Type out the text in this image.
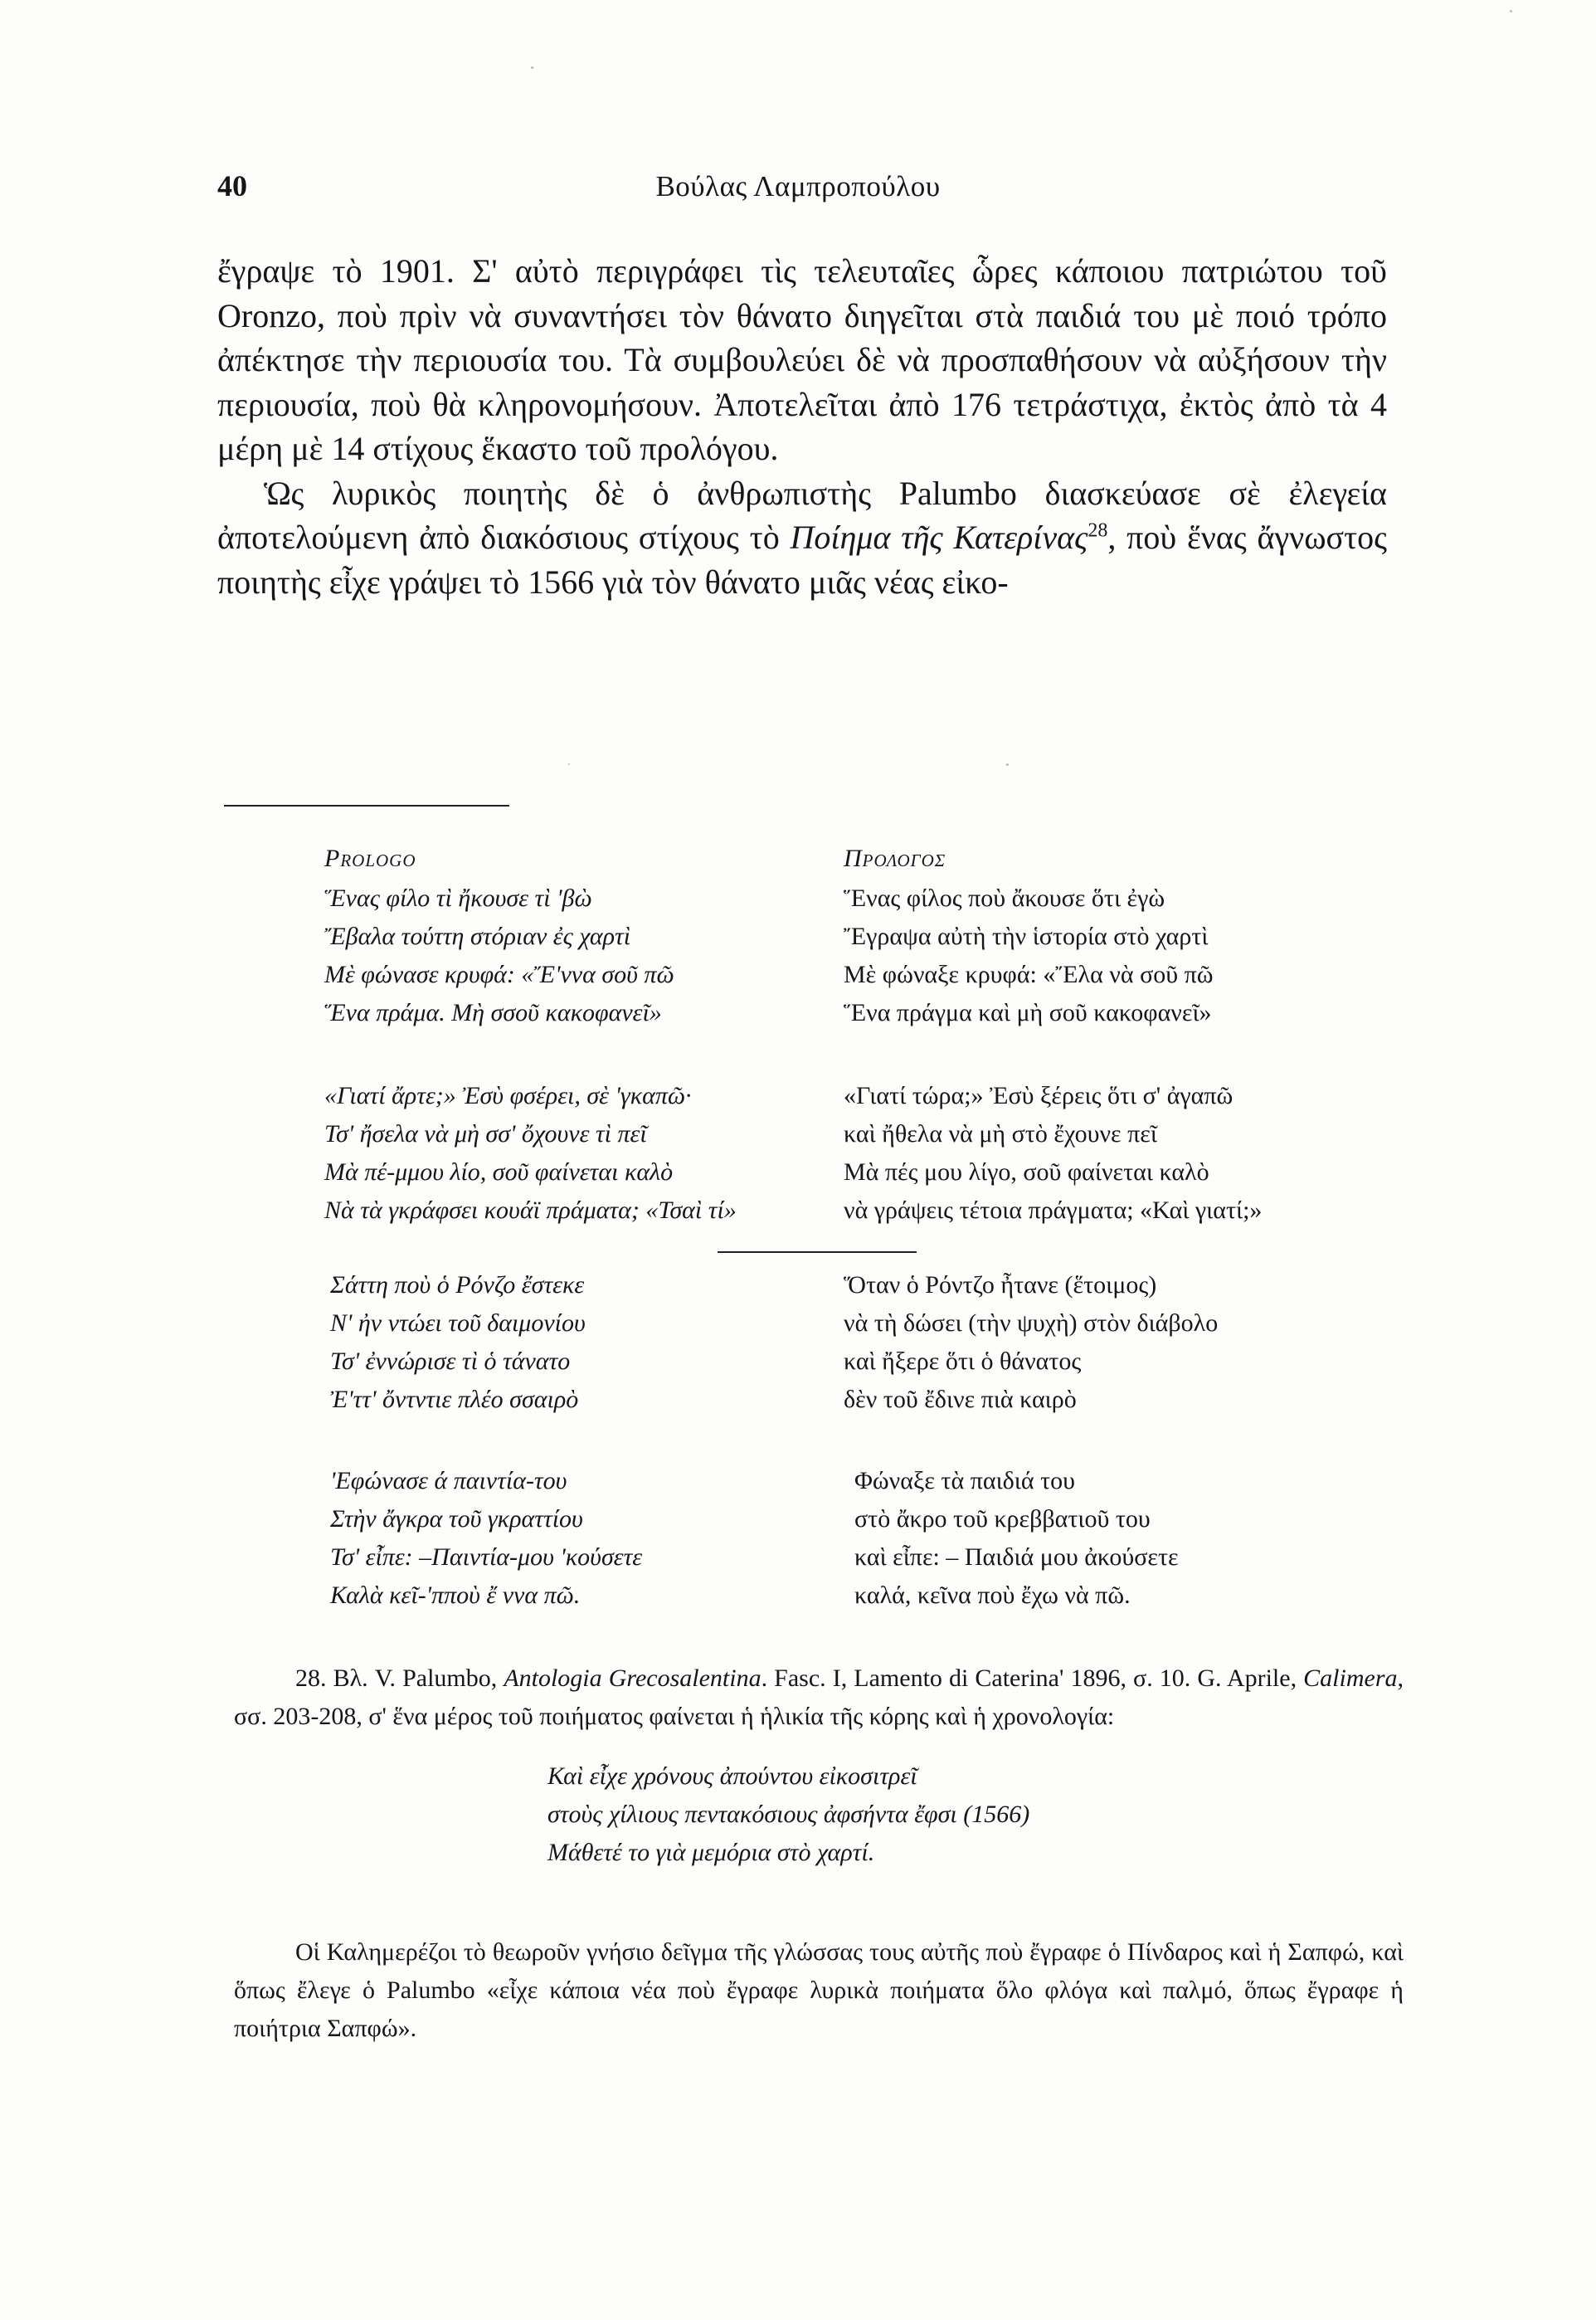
40	Βούλας Λαμπροπούλου

ἔγραψε τὸ 1901. Σ' αὐτὸ περιγράφει τὶς τελευταῖες ὧρες κάποιου πατριώτου τοῦ Oronzo, ποὺ πρὶν νὰ συναντήσει τὸν θάνατο διηγεῖται στὰ παιδιά του μὲ ποιό τρόπο ἀπέκτησε τὴν περιουσία του. Τὰ συμβουλεύει δὲ νὰ προσπαθήσουν νὰ αὐξήσουν τὴν περιουσία, ποὺ θὰ κληρονομήσουν. Ἀποτελεῖται ἀπὸ 176 τετράστιχα, ἐκτὸς ἀπὸ τὰ 4 μέρη μὲ 14 στίχους ἕκαστο τοῦ προλόγου.

Ὡς λυρικὸς ποιητὴς δὲ ὁ ἀνθρωπιστὴς Palumbo διασκεύασε σὲ ἐλεγεία ἀποτελούμενη ἀπὸ διακόσιους στίχους τὸ Ποίημα τῆς Κατερίνας$^{28}$, ποὺ ἕνας ἄγνωστος ποιητὴς εἶχε γράψει τὸ 1566 γιὰ τὸν θάνατο μιᾶς νέας εἰκο-

Prologo
Ἕνας φίλο τὶ ἤκουσε τὶ 'βὼ
Ἔβαλα τούττη στόριαν ἐς χαρτὶ
Μὲ φώνασε κρυφά: «Ἔ'ννα σοῦ πῶ
Ἕνα πράμα. Μὴ σσοῦ κακοφανεῖ»
Προλογος
Ἕνας φίλος ποὺ ἄκουσε ὅτι ἐγὼ
Ἔγραψα αὐτὴ τὴν ἱστορία στὸ χαρτὶ
Μὲ φώναξε κρυφά: «Ἔλα νὰ σοῦ πῶ
Ἕνα πράγμα καὶ μὴ σοῦ κακοφανεῖ»
«Γιατί ἄρτε;» Ἐσὺ φσέρει, σὲ 'γκαπῶ·
Τσ' ἤσελα νὰ μὴ σσ' ὄχουνε τὶ πεῖ
Μὰ πέ-μμου λίο, σοῦ φαίνεται καλὸ
Νὰ τὰ γκράφσει κουάϊ πράματα; «Τσαὶ τί»
«Γιατί τώρα;» Ἐσὺ ξέρεις ὅτι σ' ἀγαπῶ
καὶ ἤθελα νὰ μὴ στὸ ἔχουνε πεῖ
Μὰ πές μου λίγο, σοῦ φαίνεται καλὸ
νὰ γράψεις τέτοια πράγματα; «Καὶ γιατί;»
Σάττη ποὺ ὁ Ρόνζο ἔστεκε
Ν' ἠν ντώει τοῦ δαιμονίου
Τσ' ἐννώρισε τὶ ὁ τάνατο
Ἐ'ττ' ὄντντιε πλέο σσαιρὸ
Ὅταν ὁ Ρόντζο ἦτανε (ἕτοιμος)
νὰ τὴ δώσει (τὴν ψυχὴ) στὸν διάβολο
καὶ ἤξερε ὅτι ὁ θάνατος
δὲν τοῦ ἔδινε πιὰ καιρὸ
'Εφώνασε ά παιντία-του
Στὴν ἄγκρα τοῦ γκραττίου
Τσ' εἶπε: –Παιντία-μου 'κούσετε
Καλὰ κεῖ-'πποὺ ἔ ννα πῶ.
Φώναξε τὰ παιδιά του
στὸ ἄκρο τοῦ κρεββατιοῦ του
καὶ εἶπε: – Παιδιά μου ἀκούσετε
καλά, κεῖνα ποὺ ἔχω νὰ πῶ.

28. Βλ. V. Palumbo, Antologia Grecosalentina. Fasc. I, Lamento di Caterina' 1896, σ. 10. G. Aprile, Calimera, σσ. 203-208, σ' ἕνα μέρος τοῦ ποιήματος φαίνεται ἡ ἡλικία τῆς κόρης καὶ ἡ χρονολογία:

Καὶ εἶχε χρόνους ἀπούντου εἰκοσιτρεῖ
στοὺς χίλιους πεντακόσιους ἀφσήντα ἔφσι (1566)
Μάθετέ το γιὰ μεμόρια στὸ χαρτί.

Οἱ Καλημερέζοι τὸ θεωροῦν γνήσιο δεῖγμα τῆς γλώσσας τους αὐτῆς ποὺ ἔγραφε ὁ Πίνδαρος καὶ ἡ Σαπφώ, καὶ ὅπως ἔλεγε ὁ Palumbo «εἶχε κάποια νέα ποὺ ἔγραφε λυρικὰ ποιήματα ὅλο φλόγα καὶ παλμό, ὅπως ἔγραφε ἡ ποιήτρια Σαπφώ».
